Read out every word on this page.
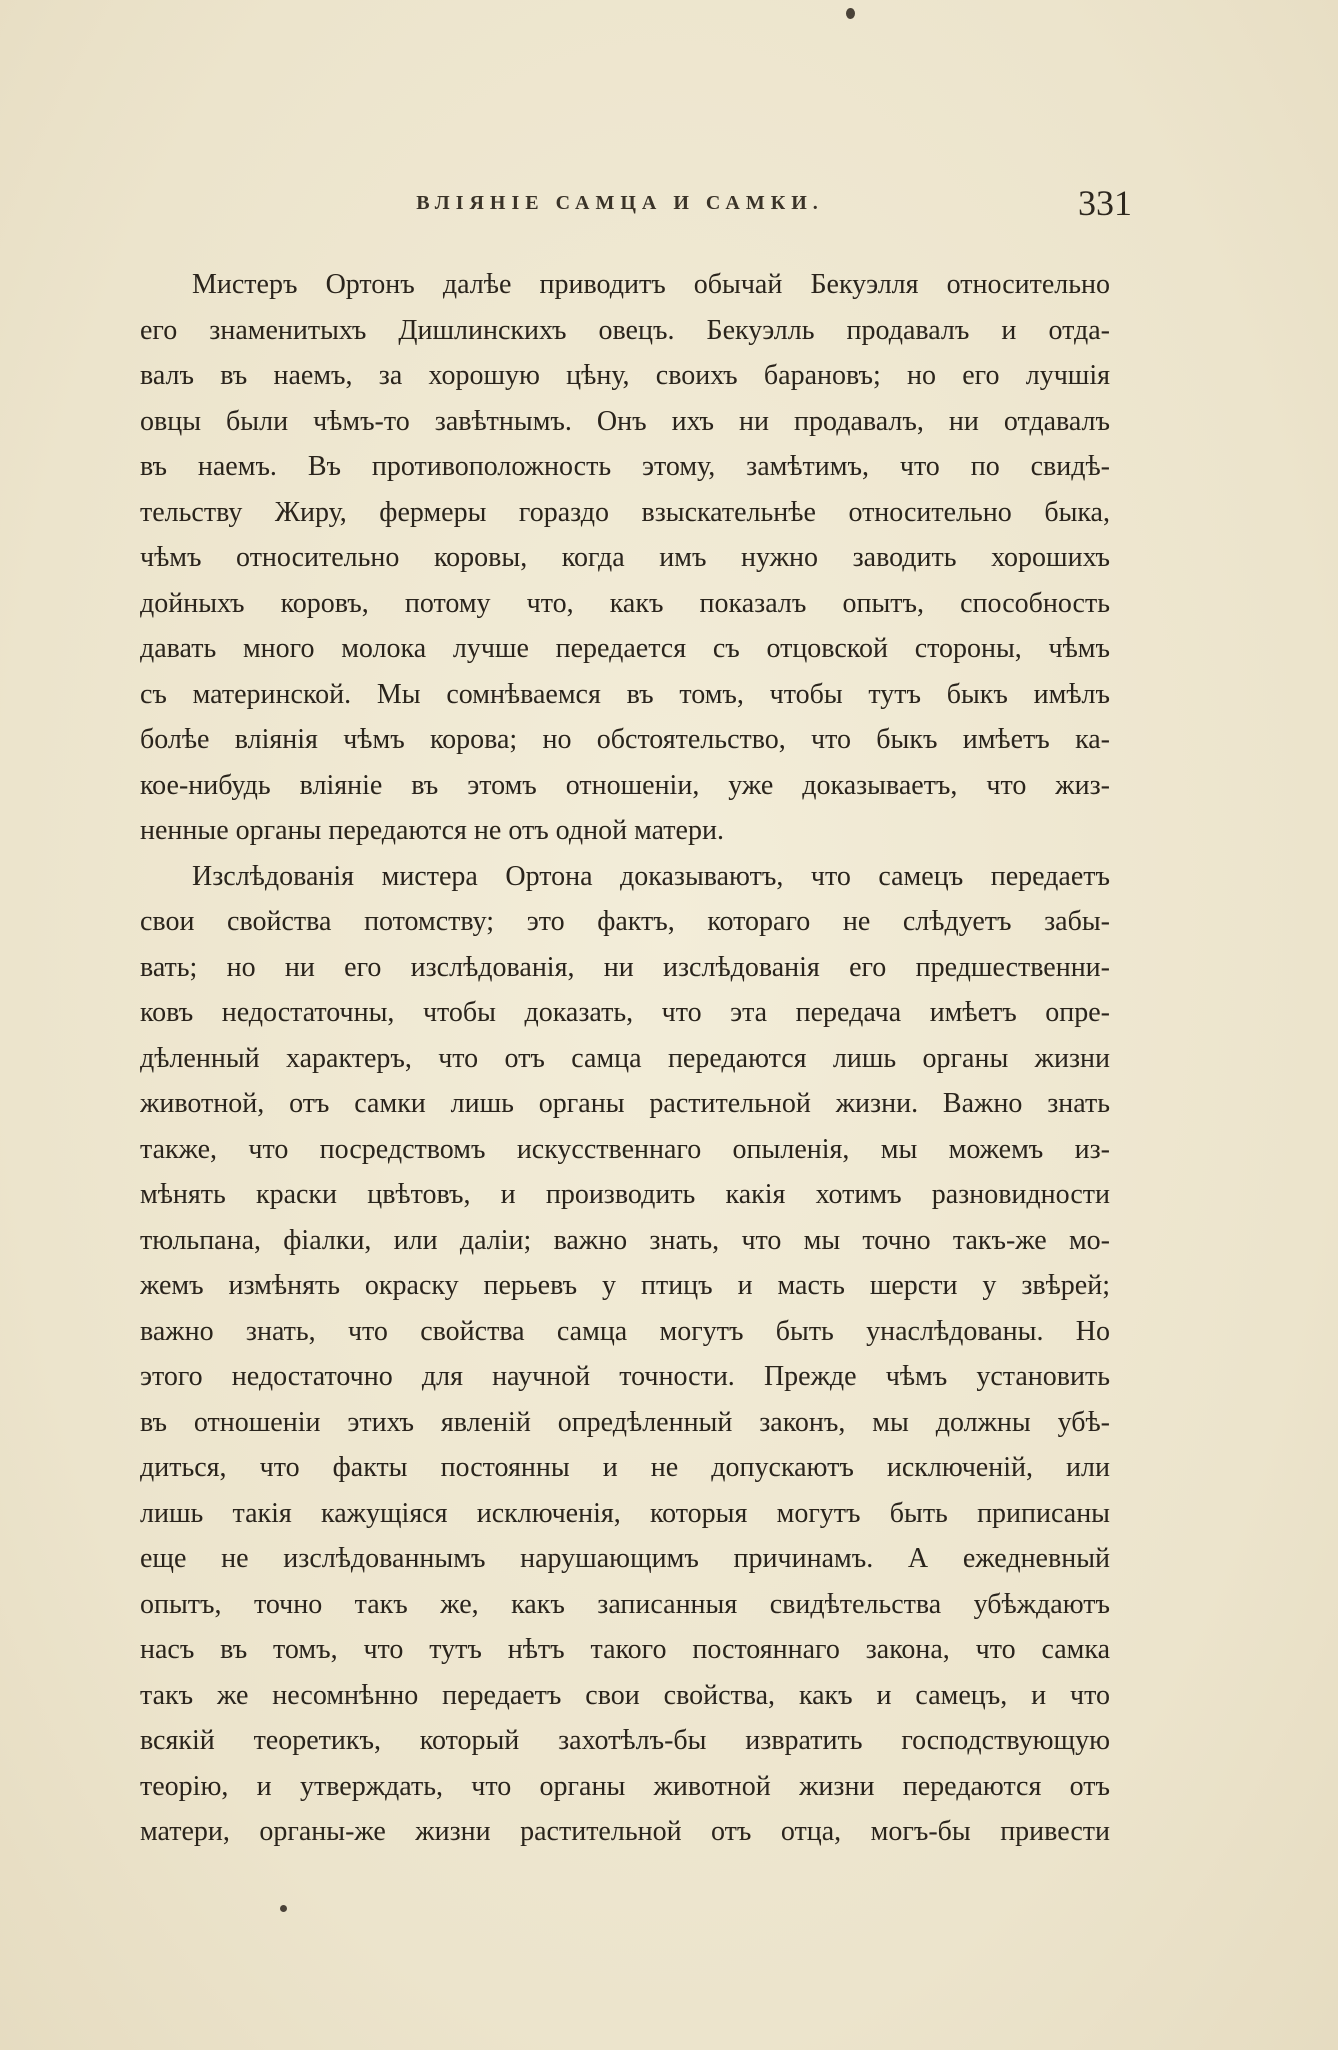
ВЛІЯНІЕ САМЦА И САМКИ.	331
Мистеръ Ортонъ далѣе приводитъ обычай Бекуэлля относительно
его знаменитыхъ Дишлинскихъ овецъ. Бекуэлль продавалъ и отда-
валъ въ наемъ, за хорошую цѣну, своихъ барановъ; но его лучшія
овцы были чѣмъ-то завѣтнымъ. Онъ ихъ ни продавалъ, ни отдавалъ
въ наемъ. Въ противоположность этому, замѣтимъ, что по свидѣ-
тельству Жиру, фермеры гораздо взыскательнѣе относительно быка,
чѣмъ относительно коровы, когда имъ нужно заводить хорошихъ
дойныхъ коровъ, потому что, какъ показалъ опытъ, способность
давать много молока лучше передается съ отцовской стороны, чѣмъ
съ материнской. Мы сомнѣваемся въ томъ, чтобы тутъ быкъ имѣлъ
болѣе вліянія чѣмъ корова; но обстоятельство, что быкъ имѣетъ ка-
кое-нибудь вліяніе въ этомъ отношеніи, уже доказываетъ, что жиз-
ненные органы передаются не отъ одной матери.
Изслѣдованія мистера Ортона доказываютъ, что самецъ передаетъ
свои свойства потомству; это фактъ, котораго не слѣдуетъ забы-
вать; но ни его изслѣдованія, ни изслѣдованія его предшественни-
ковъ недостаточны, чтобы доказать, что эта передача имѣетъ опре-
дѣленный характеръ, что отъ самца передаются лишь органы жизни
животной, отъ самки лишь органы растительной жизни. Важно знать
также, что посредствомъ искусственнаго опыленія, мы можемъ из-
мѣнять краски цвѣтовъ, и производить какія хотимъ разновидности
тюльпана, фіалки, или даліи; важно знать, что мы точно такъ-же мо-
жемъ измѣнять окраску перьевъ у птицъ и масть шерсти у звѣрей;
важно знать, что свойства самца могутъ быть унаслѣдованы. Но
этого недостаточно для научной точности. Прежде чѣмъ установить
въ отношеніи этихъ явленій опредѣленный законъ, мы должны убѣ-
диться, что факты постоянны и не допускаютъ исключеній, или
лишь такія кажущіяся исключенія, которыя могутъ быть приписаны
еще не изслѣдованнымъ нарушающимъ причинамъ. А ежедневный
опытъ, точно такъ же, какъ записанныя свидѣтельства убѣждаютъ
насъ въ томъ, что тутъ нѣтъ такого постояннаго закона, что самка
такъ же несомнѣнно передаетъ свои свойства, какъ и самецъ, и что
всякій теоретикъ, который захотѣлъ-бы извратить господствующую
теорію, и утверждать, что органы животной жизни передаются отъ
матери, органы-же жизни растительной отъ отца, могъ-бы привести
